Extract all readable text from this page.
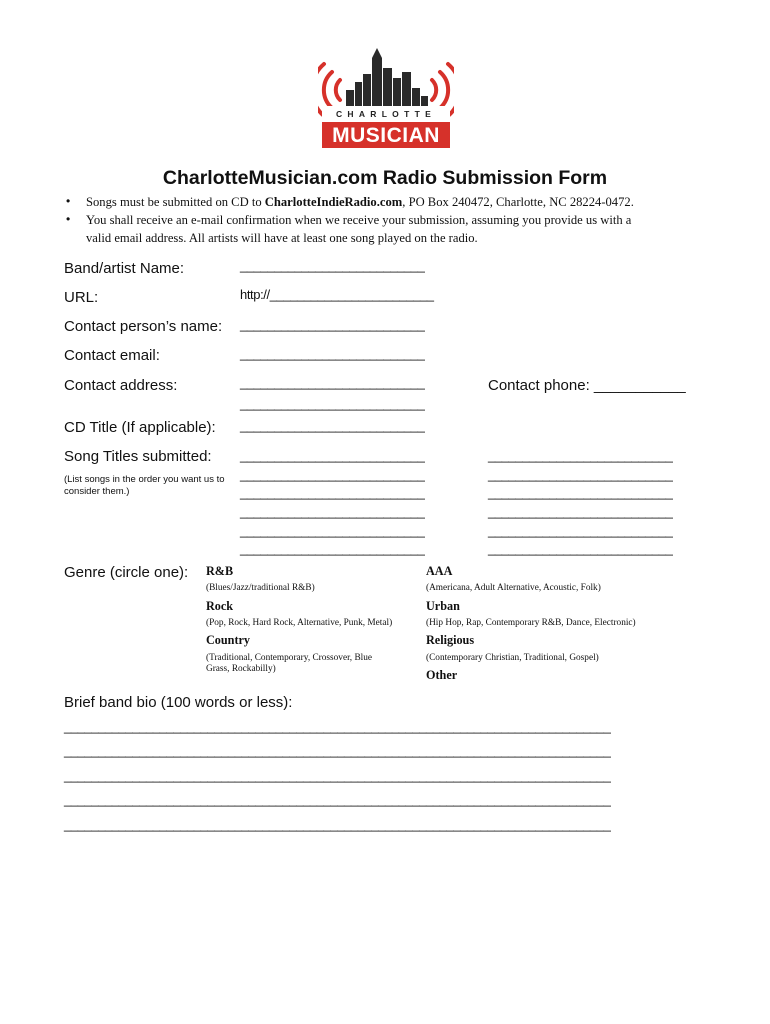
CHARLOTTE
MUSICIAN
CharlotteMusician.com Radio Submission Form
• Songs must be submitted on CD to CharlotteIndieRadio.com, PO Box 240472, Charlotte, NC 28224-0472.
• You shall receive an e-mail confirmation when we receive your submission, assuming you provide us with a
valid email address. All artists will have at least one song played on the radio.
Band/artist Name:	___________________________
URL:	http://________________________
Contact person’s name: ___________________________
Contact email:	___________________________
Contact address:	___________________________
___________________________
Contact phone: ___________
CD Title (If applicable): ___________________________
Song Titles submitted:
(List songs in the order you want us to consider them.)
___________________________
___________________________
___________________________
___________________________
___________________________
___________________________
___________________________
___________________________
___________________________
___________________________
___________________________
___________________________
Genre (circle one): R&B
(Blues/Jazz/traditional R&B)
AAA
(Americana, Adult Alternative, Acoustic, Folk)
Rock
(Pop, Rock, Hard Rock, Alternative, Punk, Metal)
Urban
(Hip Hop, Rap, Contemporary R&B, Dance, Electronic)
Country
(Traditional, Contemporary, Crossover, Blue Grass, Rockabilly)
Religious
(Contemporary Christian, Traditional, Gospel)
Other
Brief band bio (100 words or less):
________________________________________________________________________________
________________________________________________________________________________
________________________________________________________________________________
________________________________________________________________________________
________________________________________________________________________________
